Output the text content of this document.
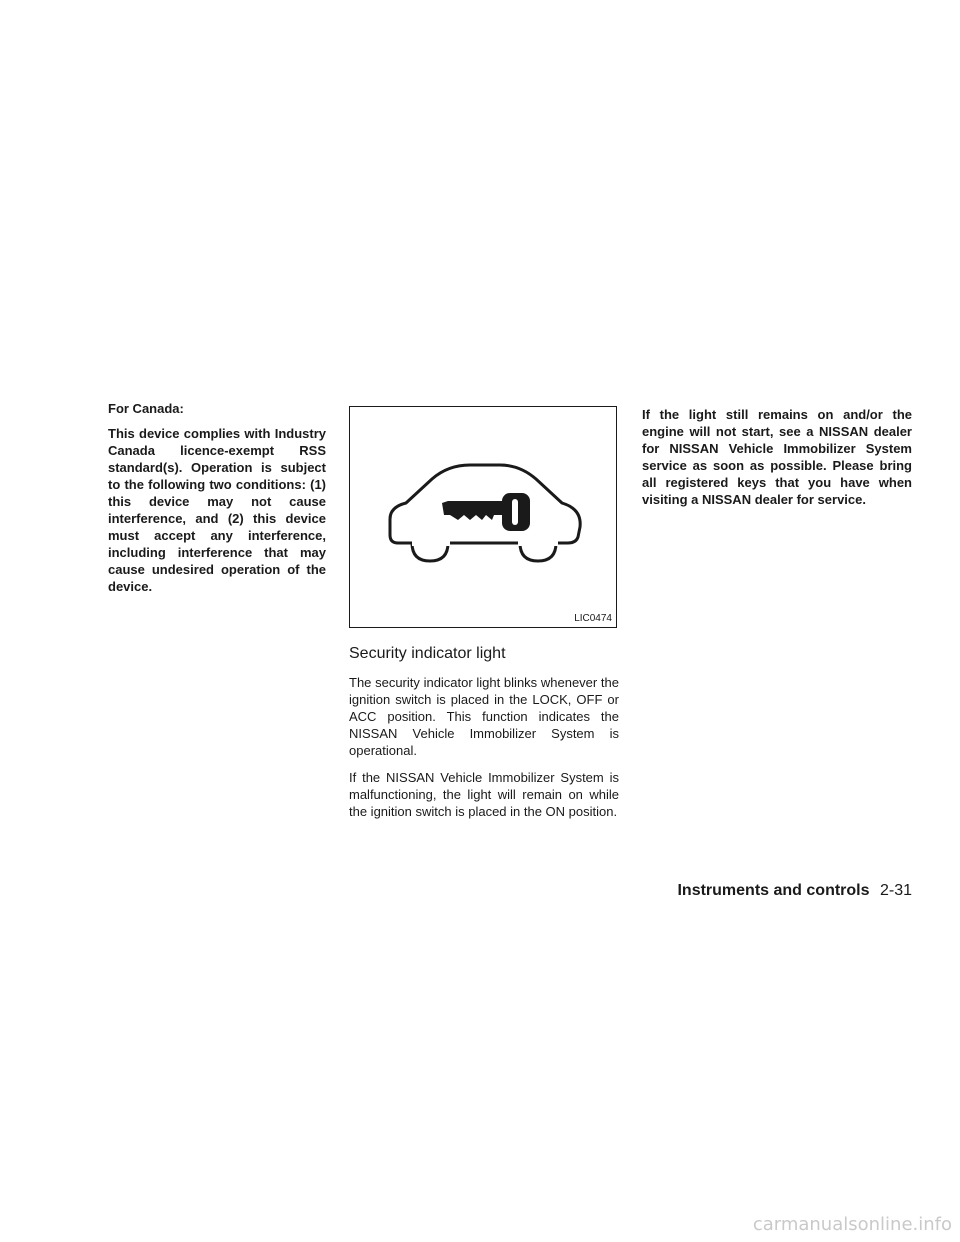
For Canada:

This device complies with Industry Canada licence-exempt RSS standard(s). Operation is subject to the following two conditions: (1) this device may not cause interference, and (2) this device must accept any interference, including interference that may cause undesired operation of the device.

LIC0474
Security indicator light

The security indicator light blinks whenever the ignition switch is placed in the LOCK, OFF or ACC position. This function indicates the NISSAN Vehicle Immobilizer System is operational.

If the NISSAN Vehicle Immobilizer System is malfunctioning, the light will remain on while the ignition switch is placed in the ON position.

If the light still remains on and/or the engine will not start, see a NISSAN dealer for NISSAN Vehicle Immobilizer System service as soon as possible. Please bring all registered keys that you have when visiting a NISSAN dealer for service.

Instruments and controls 2-31
carmanualsonline.info
